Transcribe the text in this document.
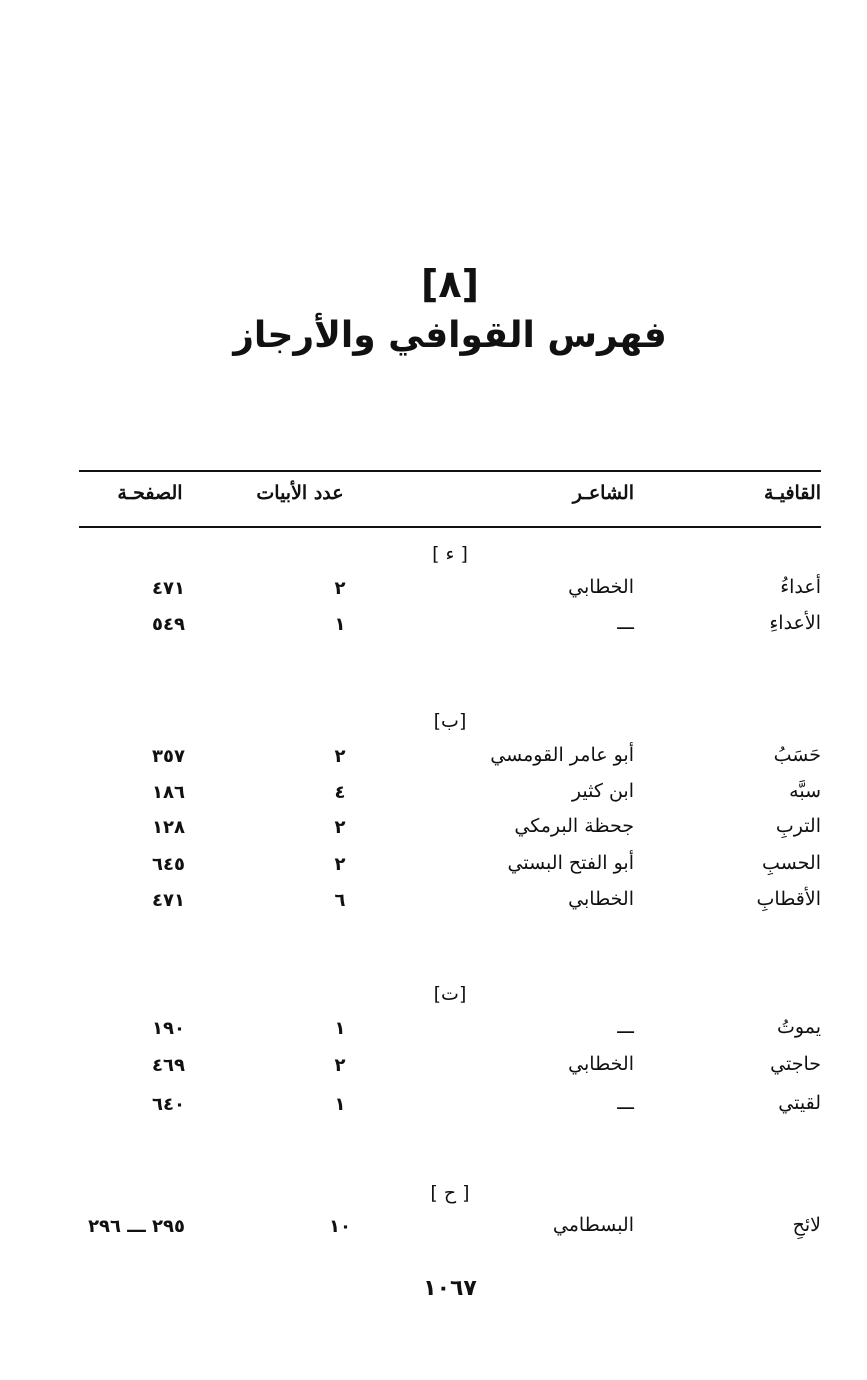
[٨]
فهرس القوافي والأرجاز
القافيـة
الشاعـر
عدد الأبيات
الصفحـة
[ ء ]
أعداءُ
الخطابي
٢
٤٧١
الأعداءِ
ـــ
١
٥٤٩
[ب]
حَسَبُ
أبو عامر القومسي
٢
٣٥٧
سبَّه
ابن كثير
٤
١٨٦
التربِ
جحظة البرمكي
٢
١٢٨
الحسبِ
أبو الفتح البستي
٢
٦٤٥
الأقطابِ
الخطابي
٦
٤٧١
[ت]
يموتُ
ـــ
١
١٩٠
حاجتي
الخطابي
٢
٤٦٩
لقيتي
ـــ
١
٦٤٠
[ ح ]
لائحِ
البسطامي
١٠
٢٩٥ ـــ ٢٩٦
١٠٦٧
